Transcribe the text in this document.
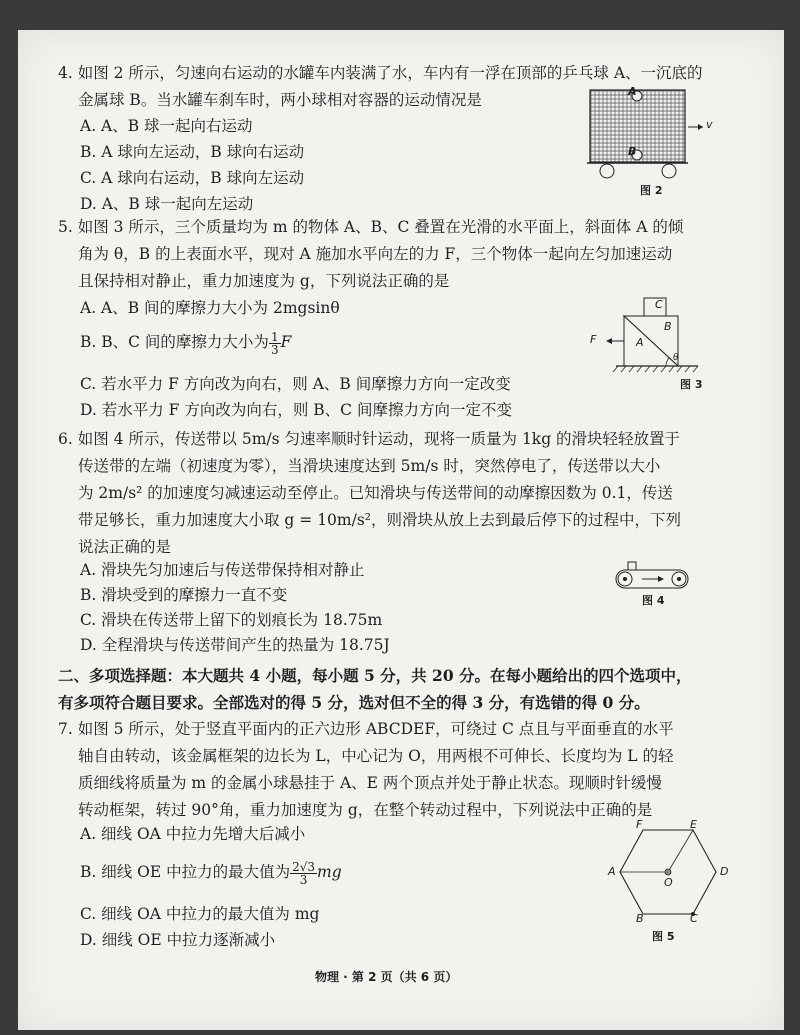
4. 如图 2 所示，匀速向右运动的水罐车内装满了水，车内有一浮在顶部的乒乓球 A、一沉底的

金属球 B。当水罐车刹车时，两小球相对容器的运动情况是

A. A、B 球一起向右运动
B. A 球向左运动，B 球向右运动
C. A 球向右运动，B 球向左运动
D. A、B 球一起向左运动
A
B
v
图 2

5. 如图 3 所示，三个质量均为 m 的物体 A、B、C 叠置在光滑的水平面上，斜面体 A 的倾

角为 θ，B 的上表面水平，现对 A 施加水平向左的力 F，三个物体一起向左匀加速运动

且保持相对静止，重力加速度为 g，下列说法正确的是

A. A、B 间的摩擦力大小为 2mgsinθ
B. B、C 间的摩擦力大小为 $\frac{1}{3}$ F
C. 若水平力 F 方向改为向右，则 A、B 间摩擦力方向一定改变
D. 若水平力 F 方向改为向右，则 B、C 间摩擦力方向一定不变
C
B
A
F
θ
图 3

6. 如图 4 所示，传送带以 5m/s 匀速率顺时针运动，现将一质量为 1kg 的滑块轻轻放置于

传送带的左端（初速度为零），当滑块速度达到 5m/s 时，突然停电了，传送带以大小

为 2m/s² 的加速度匀减速运动至停止。已知滑块与传送带间的动摩擦因数为 0.1，传送

带足够长，重力加速度大小取 g = 10m/s²，则滑块从放上去到最后停下的过程中，下列

说法正确的是

A. 滑块先匀加速后与传送带保持相对静止
B. 滑块受到的摩擦力一直不变
C. 滑块在传送带上留下的划痕长为 18.75m
D. 全程滑块与传送带间产生的热量为 18.75J
图 4
二、多项选择题：本大题共 4 小题，每小题 5 分，共 20 分。在每小题给出的四个选项中，
有多项符合题目要求。全部选对的得 5 分，选对但不全的得 3 分，有选错的得 0 分。

7. 如图 5 所示，处于竖直平面内的正六边形 ABCDEF，可绕过 C 点且与平面垂直的水平

轴自由转动，该金属框架的边长为 L，中心记为 O，用两根不可伸长、长度均为 L 的轻

质细线将质量为 m 的金属小球悬挂于 A、E 两个顶点并处于静止状态。现顺时针缓慢

转动框架，转过 90°角，重力加速度为 g，在整个转动过程中，下列说法中正确的是

A. 细线 OA 中拉力先增大后减小
B. 细线 OE 中拉力的最大值为 $\frac{2√3}{3}$ mg
C. 细线 OA 中拉力的最大值为 mg
D. 细线 OE 中拉力逐渐减小
F	E
A	D
O
B	C
图 5
物理 · 第 2 页（共 6 页）
